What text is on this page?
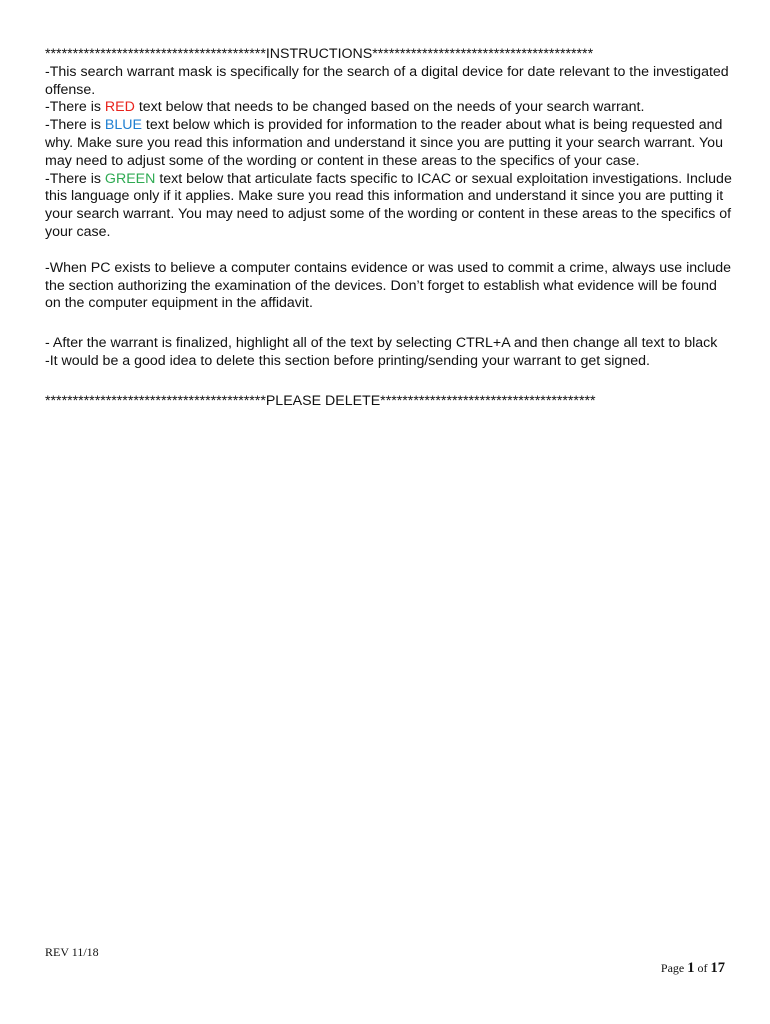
****************************************INSTRUCTIONS****************************************

-This search warrant mask is specifically for the search of a digital device for date relevant to the investigated offense.

-There is RED text below that needs to be changed based on the needs of your search warrant.

-There is BLUE text below which is provided for information to the reader about what is being requested and why. Make sure you read this information and understand it since you are putting it your search warrant. You may need to adjust some of the wording or content in these areas to the specifics of your case.

-There is GREEN text below that articulate facts specific to ICAC or sexual exploitation investigations. Include this language only if it applies. Make sure you read this information and understand it since you are putting it your search warrant. You may need to adjust some of the wording or content in these areas to the specifics of your case.

-When PC exists to believe a computer contains evidence or was used to commit a crime, always use include the section authorizing the examination of the devices. Don’t forget to establish what evidence will be found on the computer equipment in the affidavit.

- After the warrant is finalized, highlight all of the text by selecting CTRL+A and then change all text to black

-It would be a good idea to delete this section before printing/sending your warrant to get signed.

****************************************PLEASE DELETE***************************************

REV 11/18
Page 1 of 17
